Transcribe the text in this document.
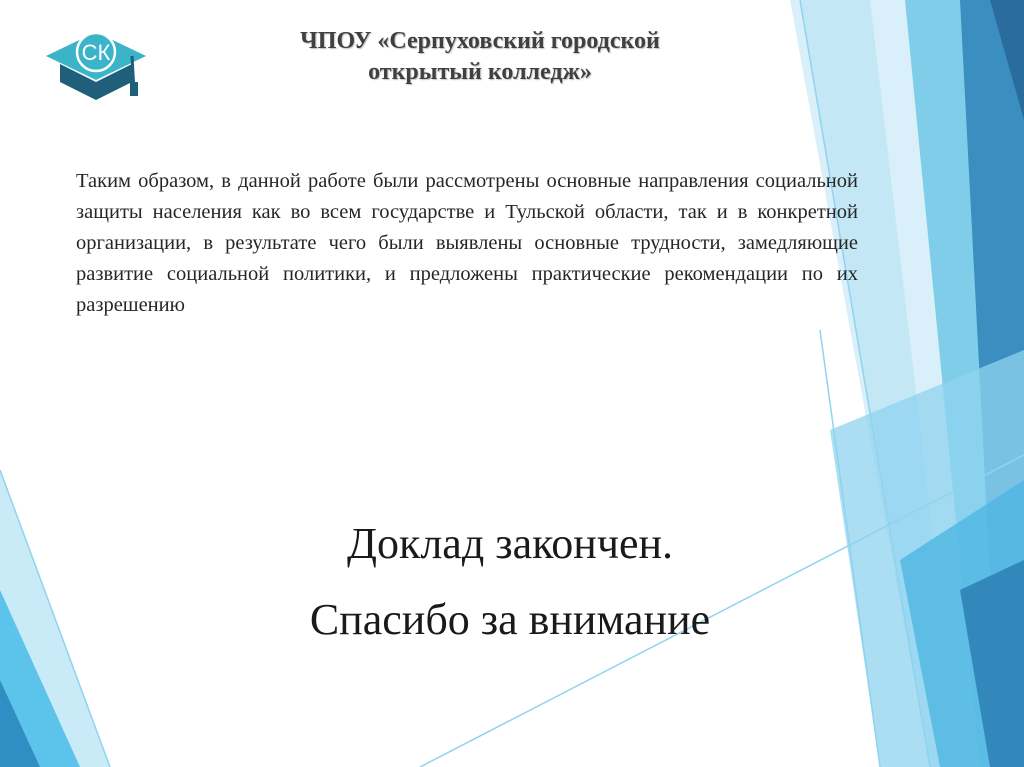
СК	ЧПОУ «Серпуховский городской
открытый колледж»
Таким образом, в данной работе были рассмотрены основные направления социальной защиты населения как во всем государстве и Тульской области, так и в конкретной организации, в результате чего были выявлены основные трудности, замедляющие развитие социальной политики, и предложены практические рекомендации по их разрешению
Доклад закончен.
Спасибо за внимание
